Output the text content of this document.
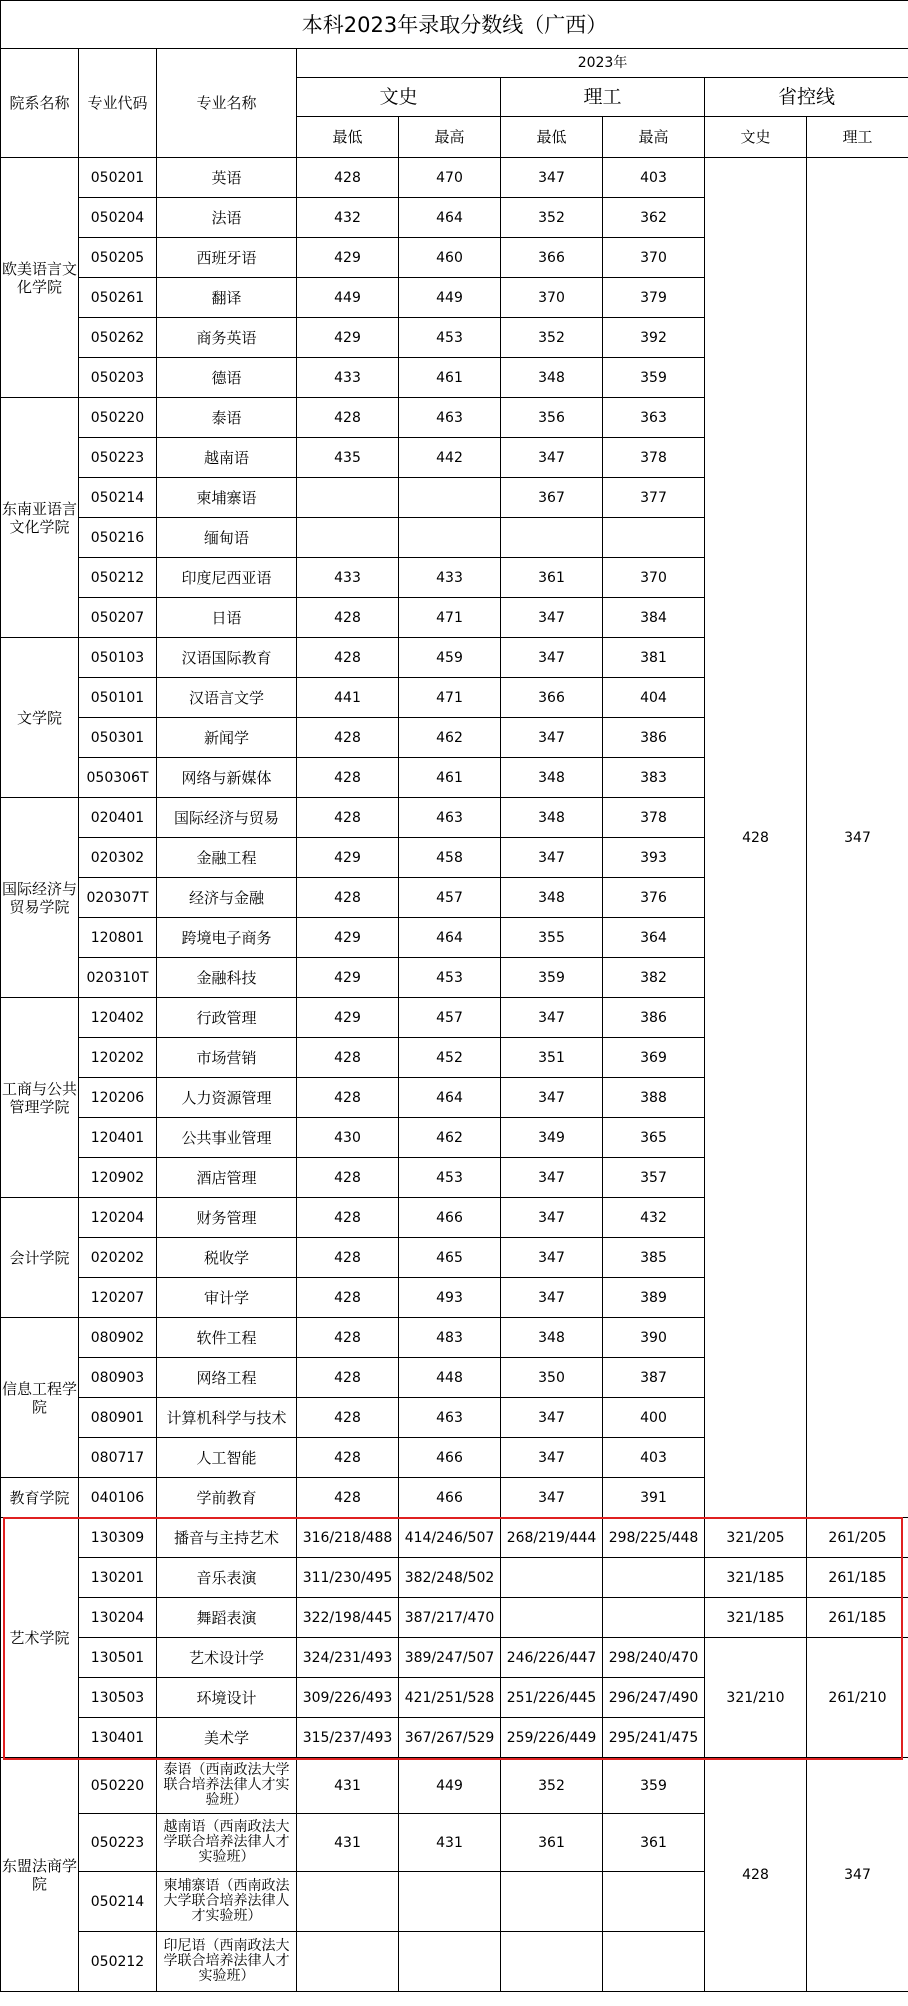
本科2023年录取分数线（广西）								
院系名称	专业代码	专业名称	2023年					
			文史		理工		省控线	
			最低	最高	最低	最高	文史	理工
欧美语言文化学院	050201	英语	428	470	347	403	428	347
	050204	法语	432	464	352	362		
	050205	西班牙语	429	460	366	370		
	050261	翻译	449	449	370	379		
	050262	商务英语	429	453	352	392		
	050203	德语	433	461	348	359		
东南亚语言文化学院	050220	泰语	428	463	356	363		
	050223	越南语	435	442	347	378		
	050214	柬埔寨语			367	377		
	050216	缅甸语						
	050212	印度尼西亚语	433	433	361	370		
	050207	日语	428	471	347	384		
文学院	050103	汉语国际教育	428	459	347	381		
	050101	汉语言文学	441	471	366	404		
	050301	新闻学	428	462	347	386		
	050306T	网络与新媒体	428	461	348	383		
国际经济与贸易学院	020401	国际经济与贸易	428	463	348	378		
	020302	金融工程	429	458	347	393		
	020307T	经济与金融	428	457	348	376		
	120801	跨境电子商务	429	464	355	364		
	020310T	金融科技	429	453	359	382		
工商与公共管理学院	120402	行政管理	429	457	347	386		
	120202	市场营销	428	452	351	369		
	120206	人力资源管理	428	464	347	388		
	120401	公共事业管理	430	462	349	365		
	120902	酒店管理	428	453	347	357		
会计学院	120204	财务管理	428	466	347	432		
	020202	税收学	428	465	347	385		
	120207	审计学	428	493	347	389		
信息工程学院	080902	软件工程	428	483	348	390		
	080903	网络工程	428	448	350	387		
	080901	计算机科学与技术	428	463	347	400		
	080717	人工智能	428	466	347	403		
教育学院	040106	学前教育	428	466	347	391		
艺术学院	130309	播音与主持艺术	316/218/488	414/246/507	268/219/444	298/225/448	321/205	261/205
	130201	音乐表演	311/230/495	382/248/502			321/185	261/185
	130204	舞蹈表演	322/198/445	387/217/470			321/185	261/185
	130501	艺术设计学	324/231/493	389/247/507	246/226/447	298/240/470	321/210	261/210
	130503	环境设计	309/226/493	421/251/528	251/226/445	296/247/490		
	130401	美术学	315/237/493	367/267/529	259/226/449	295/241/475		
东盟法商学院	050220	泰语（西南政法大学联合培养法律人才实验班）	431	449	352	359	428	347
	050223	越南语（西南政法大学联合培养法律人才实验班）	431	431	361	361		
	050214	柬埔寨语（西南政法大学联合培养法律人才实验班）						
	050212	印尼语（西南政法大学联合培养法律人才实验班）						
